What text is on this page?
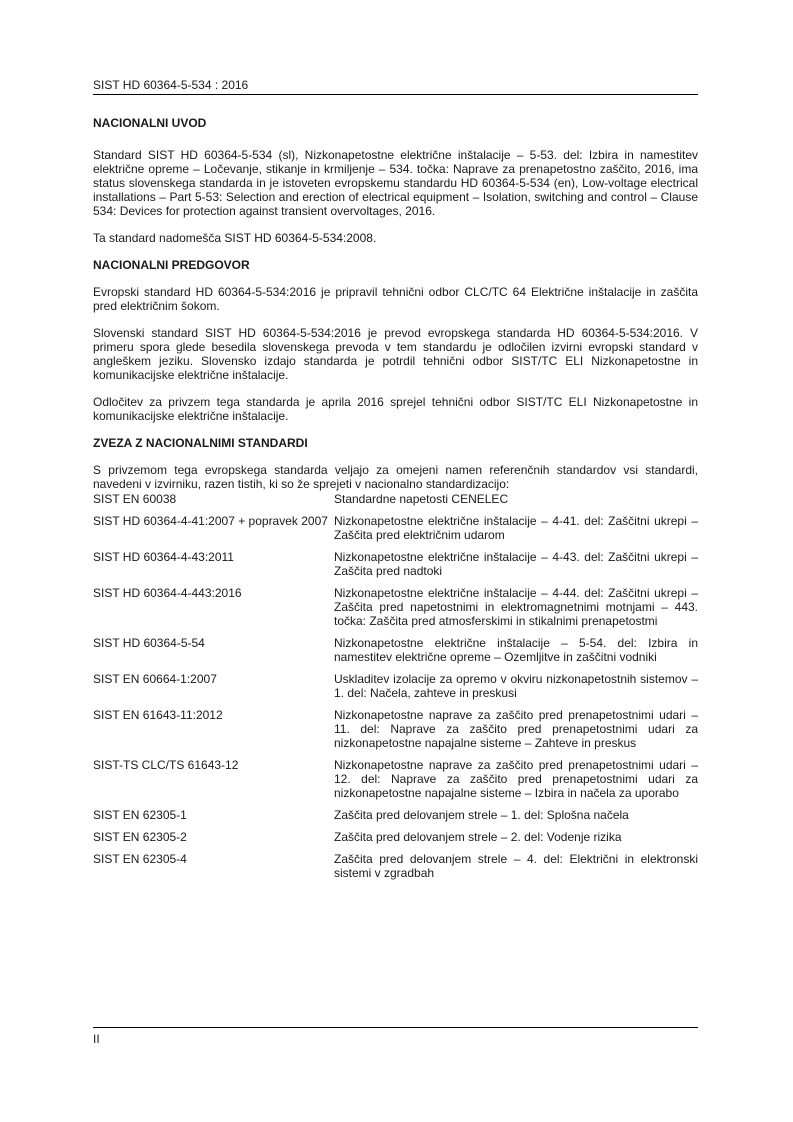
SIST HD 60364-5-534 : 2016
NACIONALNI UVOD

Standard SIST HD 60364-5-534 (sl), Nizkonapetostne električne inštalacije – 5-53. del: Izbira in namestitev električne opreme – Ločevanje, stikanje in krmiljenje – 534. točka: Naprave za prenapetostno zaščito, 2016, ima status slovenskega standarda in je istoveten evropskemu standardu HD 60364-5-534 (en), Low-voltage electrical installations – Part 5-53: Selection and erection of electrical equipment – Isolation, switching and control – Clause 534: Devices for protection against transient overvoltages, 2016.

Ta standard nadomešča SIST HD 60364-5-534:2008.

NACIONALNI PREDGOVOR

Evropski standard HD 60364-5-534:2016 je pripravil tehnični odbor CLC/TC 64 Električne inštalacije in zaščita pred električnim šokom.

Slovenski standard SIST HD 60364-5-534:2016 je prevod evropskega standarda HD 60364-5-534:2016. V primeru spora glede besedila slovenskega prevoda v tem standardu je odločilen izvirni evropski standard v angleškem jeziku. Slovensko izdajo standarda je potrdil tehnični odbor SIST/TC ELI Nizkonapetostne in komunikacijske električne inštalacije.

Odločitev za privzem tega standarda je aprila 2016 sprejel tehnični odbor SIST/TC ELI Nizkonapetostne in komunikacijske električne inštalacije.

ZVEZA Z NACIONALNIMI STANDARDI

S privzemom tega evropskega standarda veljajo za omejeni namen referenčnih standardov vsi standardi, navedeni v izvirniku, razen tistih, ki so že sprejeti v nacionalno standardizacijo:

SIST EN 60038	Standardne napetosti CENELEC
SIST HD 60364-4-41:2007 + popravek 2007	Nizkonapetostne električne inštalacije – 4-41. del: Zaščitni ukrepi – Zaščita pred električnim udarom
SIST HD 60364-4-43:2011	Nizkonapetostne električne inštalacije – 4-43. del: Zaščitni ukrepi – Zaščita pred nadtoki
SIST HD 60364-4-443:2016	Nizkonapetostne električne inštalacije – 4-44. del: Zaščitni ukrepi – Zaščita pred napetostnimi in elektromagnetnimi motnjami – 443. točka: Zaščita pred atmosferskimi in stikalnimi prenapetostmi
SIST HD 60364-5-54	Nizkonapetostne električne inštalacije – 5-54. del: Izbira in namestitev električne opreme – Ozemljitve in zaščitni vodniki
SIST EN 60664-1:2007	Uskladitev izolacije za opremo v okviru nizkonapetostnih sistemov – 1. del: Načela, zahteve in preskusi
SIST EN 61643-11:2012	Nizkonapetostne naprave za zaščito pred prenapetostnimi udari – 11. del: Naprave za zaščito pred prenapetostnimi udari za nizkonapetostne napajalne sisteme – Zahteve in preskus
SIST-TS CLC/TS 61643-12	Nizkonapetostne naprave za zaščito pred prenapetostnimi udari – 12. del: Naprave za zaščito pred prenapetostnimi udari za nizkonapetostne napajalne sisteme – Izbira in načela za uporabo
SIST EN 62305-1	Zaščita pred delovanjem strele – 1. del: Splošna načela
SIST EN 62305-2	Zaščita pred delovanjem strele – 2. del: Vodenje rizika
SIST EN 62305-4	Zaščita pred delovanjem strele – 4. del: Električni in elektronski sistemi v zgradbah
II
